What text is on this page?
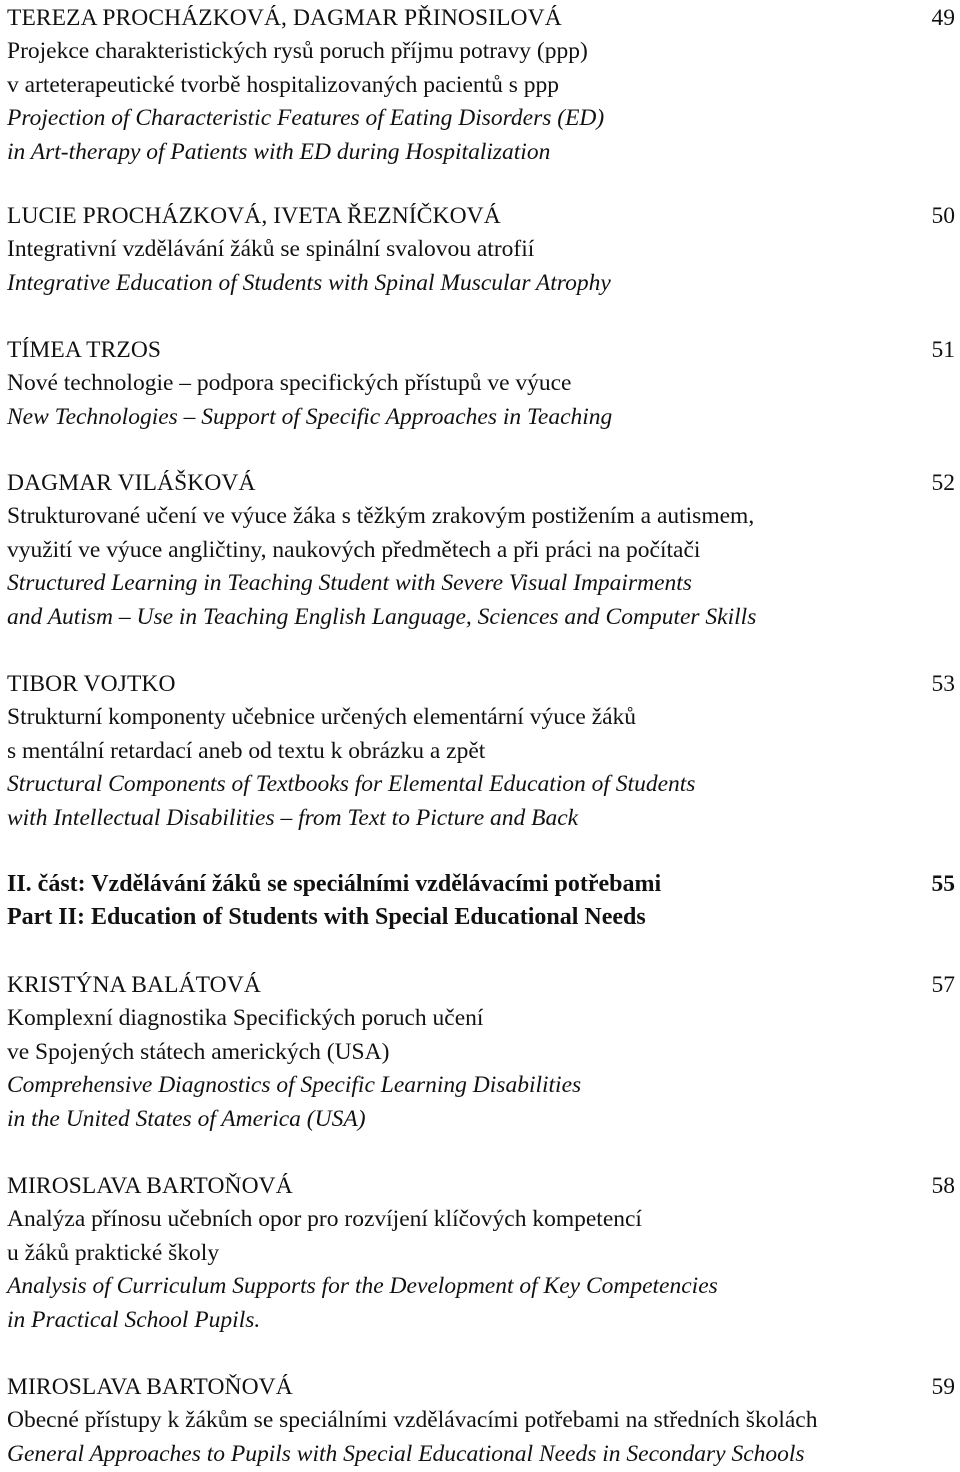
TEREZA PROCHÁZKOVÁ, DAGMAR PŘINOSILOVÁ	49
Projekce charakteristických rysů poruch příjmu potravy (ppp)
v arteterapeutické tvorbě hospitalizovaných pacientů s ppp
Projection of Characteristic Features of Eating Disorders (ED)
in Art-therapy of Patients with ED during Hospitalization
LUCIE PROCHÁZKOVÁ, IVETA ŘEZNÍČKOVÁ	50
Integrativní vzdělávání žáků se spinální svalovou atrofií
Integrative Education of Students with Spinal Muscular Atrophy
TÍMEA TRZOS	51
Nové technologie – podpora specifických přístupů ve výuce
New Technologies – Support of Specific Approaches in Teaching
DAGMAR VILÁŠKOVÁ	52
Strukturované učení ve výuce žáka s těžkým zrakovým postižením a autismem,
využití ve výuce angličtiny, naukových předmětech a při práci na počítači
Structured Learning in Teaching Student with Severe Visual Impairments
and Autism – Use in Teaching English Language, Sciences and Computer Skills
TIBOR VOJTKO	53
Strukturní komponenty učebnice určených elementární výuce žáků
s mentální retardací aneb od textu k obrázku a zpět
Structural Components of Textbooks for Elemental Education of Students
with Intellectual Disabilities – from Text to Picture and Back
II. část: Vzdělávání žáků se speciálními vzdělávacími potřebami	55
Part II: Education of Students with Special Educational Needs
KRISTÝNA BALÁTOVÁ	57
Komplexní diagnostika Specifických poruch učení
ve Spojených státech amerických (USA)
Comprehensive Diagnostics of Specific Learning Disabilities
in the United States of America (USA)
MIROSLAVA BARTOŇOVÁ	58
Analýza přínosu učebních opor pro rozvíjení klíčových kompetencí
u žáků praktické školy
Analysis of Curriculum Supports for the Development of Key Competencies
in Practical School Pupils.
MIROSLAVA BARTOŇOVÁ	59
Obecné přístupy k žákům se speciálními vzdělávacími potřebami na středních školách
General Approaches to Pupils with Special Educational Needs in Secondary Schools
